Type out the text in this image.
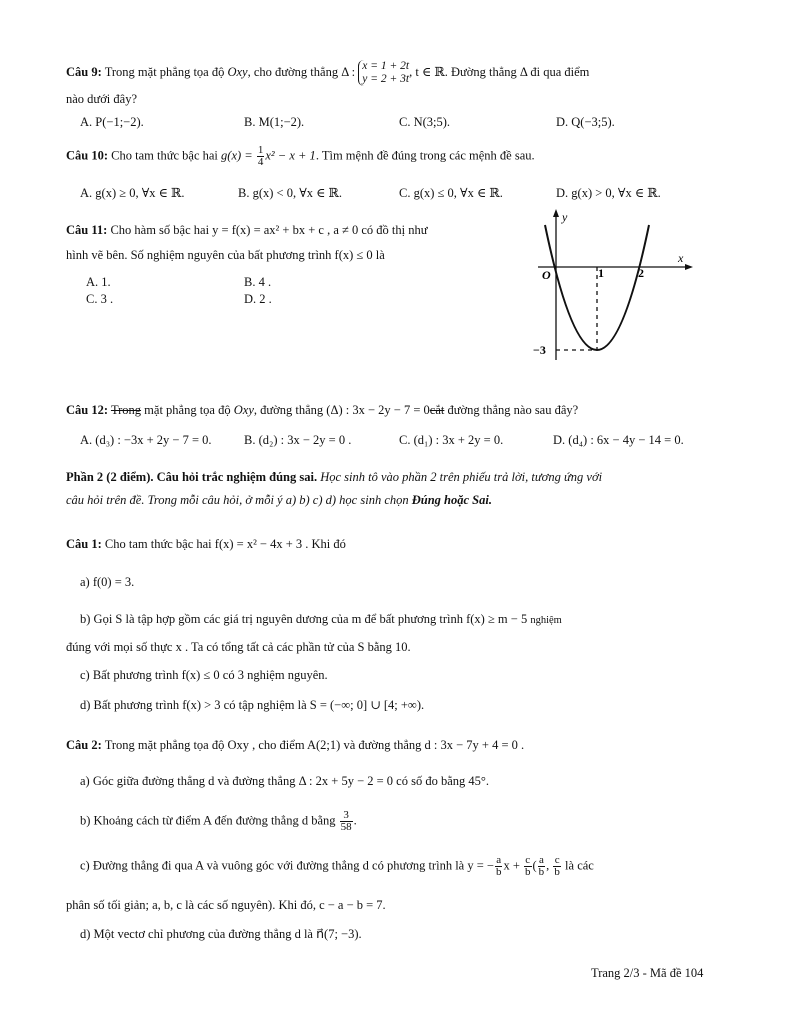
Câu 9: Trong mặt phẳng tọa độ Oxy, cho đường thẳng Δ : x = 1 + 2t
y = 2 + 3t
, t ∈ ℝ. Đường thẳng Δ đi qua điểm
nào dưới đây?
A. P(−1;−2).	B. M(1;−2).	C. N(3;5).	D. Q(−3;5).
Câu 10: Cho tam thức bậc hai $g(x) = \frac{1}{4} x^2 - x + 1$. Tìm mệnh đề đúng trong các mệnh đề sau.
A. g(x) ≥ 0, ∀x ∈ ℝ.	B. g(x) < 0, ∀x ∈ ℝ.	C. g(x) ≤ 0, ∀x ∈ ℝ.	D. g(x) > 0, ∀x ∈ ℝ.
Câu 11: Cho hàm số bậc hai y = f(x) = ax² + bx + c , a ≠ 0 có đồ thị như
hình vẽ bên. Số nghiệm nguyên của bất phương trình f(x) ≤ 0 là
A. 1.	B. 4 .
C. 3 .	D. 2 .
y
x
O	1	2
−3
Câu 12: Trong mặt phẳng tọa độ Oxy, đường thẳng (Δ) : 3x − 2y − 7 = 0cắt đường thẳng nào sau đây?
A. (d₃) : −3x + 2y − 7 = 0.	B. (d₂) : 3x − 2y = 0 .	C. (d₁) : 3x + 2y = 0.	D. (d₄) : 6x − 4y − 14 = 0.
Phần 2 (2 điểm). Câu hỏi trắc nghiệm đúng sai. Học sinh tô vào phần 2 trên phiếu trả lời, tương ứng với
câu hỏi trên đề. Trong mỗi câu hỏi, ở mỗi ý a) b) c) d) học sinh chọn Đúng hoặc Sai.
Câu 1: Cho tam thức bậc hai f(x) = x² − 4x + 3 . Khi đó
a) f(0) = 3.
b) Gọi S là tập hợp gồm các giá trị nguyên dương của m để bất phương trình f(x) ≥ m − 5 nghiệm
đúng với mọi số thực x . Ta có tổng tất cả các phần tử của S bằng 10.
c) Bất phương trình f(x) ≤ 0 có 3 nghiệm nguyên.
d) Bất phương trình f(x) > 3 có tập nghiệm là S = (−∞; 0] ∪ [4; +∞).
Câu 2: Trong mặt phẳng tọa độ Oxy , cho điểm A(2;1) và đường thẳng d : 3x − 7y + 4 = 0 .
a) Góc giữa đường thẳng d và đường thẳng Δ : 2x + 5y − 2 = 0 có số đo bằng 45°.
b) Khoảng cách từ điểm A đến đường thẳng d bằng $\frac{3}{58}$ .
c) Đường thẳng đi qua A và vuông góc với đường thẳng d có phương trình là y = − $\frac{a}{b}$ $x + \frac{c}{b}$ ( $\frac{a}{b}$ , $\frac{c}{b}$ là các
phân số tối giản; a, b, c là các số nguyên). Khi đó, c − a − b = 7.
d) Một vectơ chỉ phương của đường thẳng d là n⃗(7; −3).
Trang 2/3 - Mã đề 104
